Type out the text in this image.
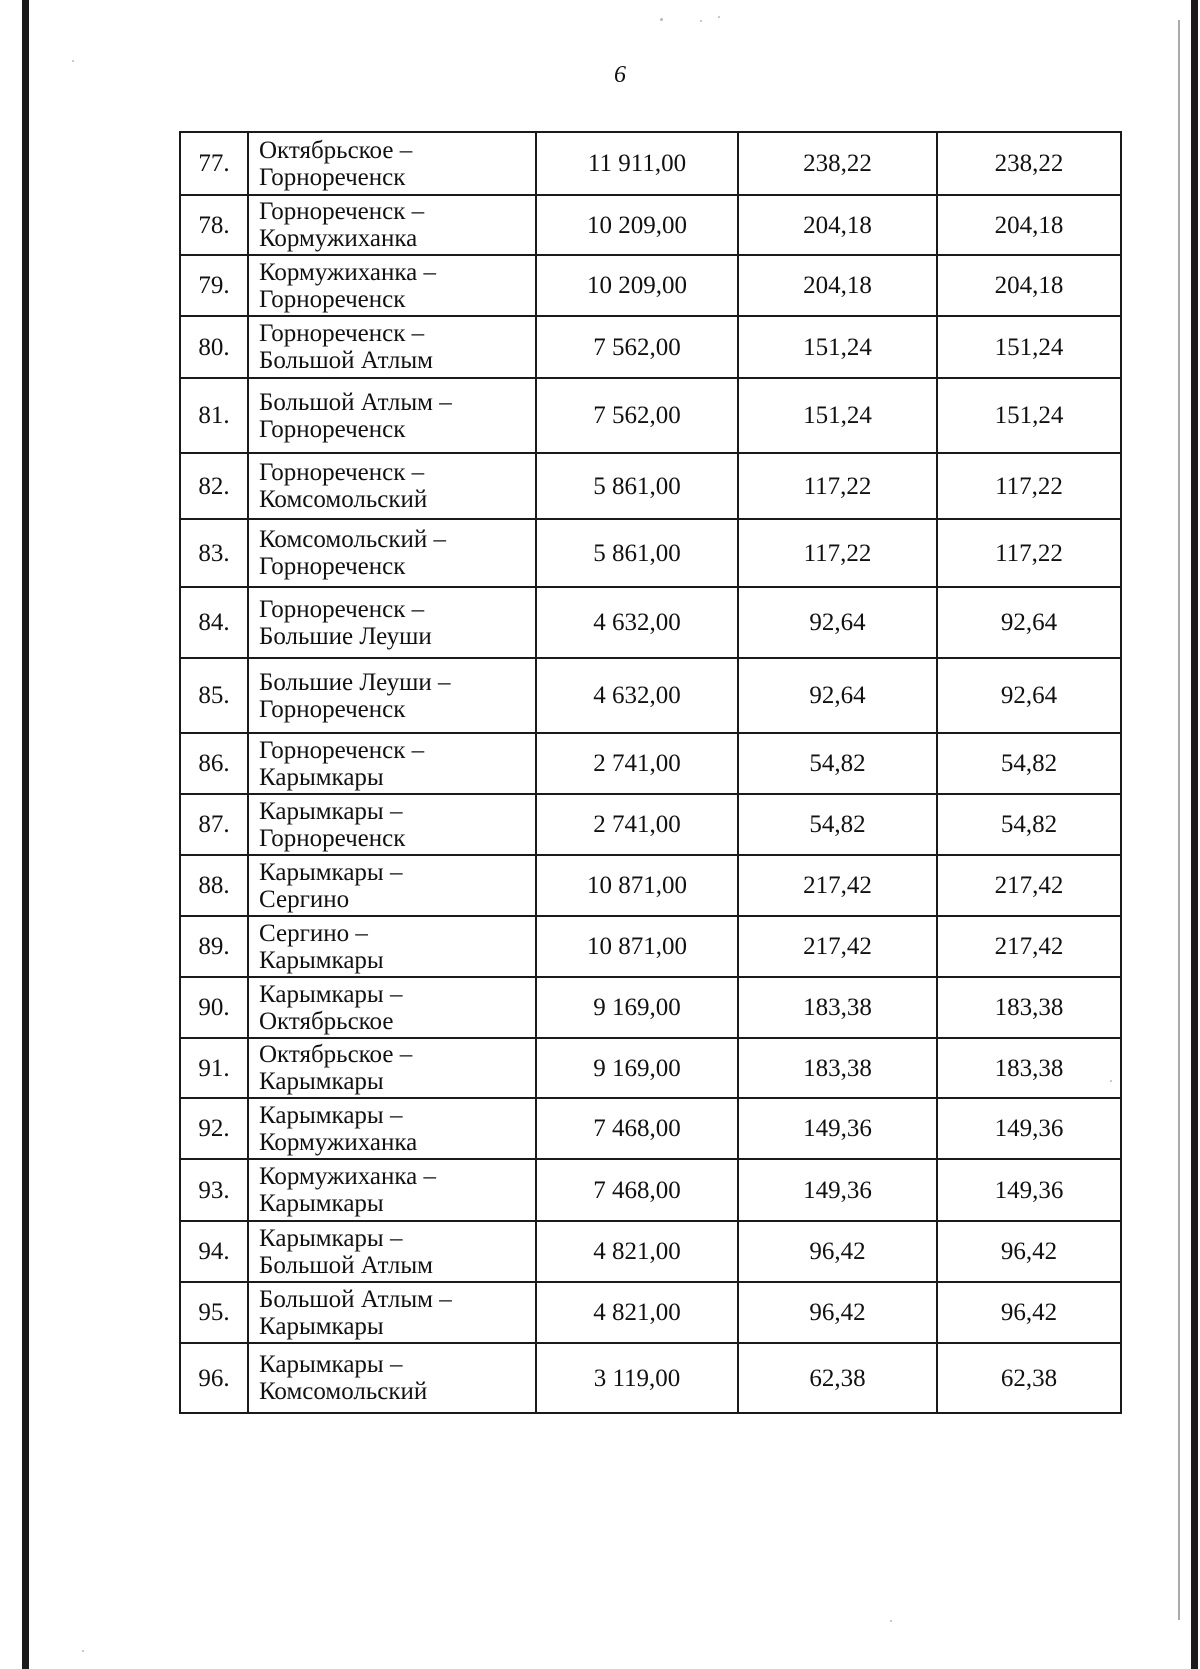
6
77.	Октябрьское –
Горнореченск	11 911,00	238,22	238,22
78.	Горнореченск –
Кормужиханка	10 209,00	204,18	204,18
79.	Кормужиханка –
Горнореченск	10 209,00	204,18	204,18
80.	Горнореченск –
Большой Атлым	7 562,00	151,24	151,24
81.	Большой Атлым –
Горнореченск	7 562,00	151,24	151,24
82.	Горнореченск –
Комсомольский	5 861,00	117,22	117,22
83.	Комсомольский –
Горнореченск	5 861,00	117,22	117,22
84.	Горнореченск –
Большие Леуши	4 632,00	92,64	92,64
85.	Большие Леуши –
Горнореченск	4 632,00	92,64	92,64
86.	Горнореченск –
Карымкары	2 741,00	54,82	54,82
87.	Карымкары –
Горнореченск	2 741,00	54,82	54,82
88.	Карымкары –
Сергино	10 871,00	217,42	217,42
89.	Сергино –
Карымкары	10 871,00	217,42	217,42
90.	Карымкары –
Октябрьское	9 169,00	183,38	183,38
91.	Октябрьское –
Карымкары	9 169,00	183,38	183,38
92.	Карымкары –
Кормужиханка	7 468,00	149,36	149,36
93.	Кормужиханка –
Карымкары	7 468,00	149,36	149,36
94.	Карымкары –
Большой Атлым	4 821,00	96,42	96,42
95.	Большой Атлым –
Карымкары	4 821,00	96,42	96,42
96.	Карымкары –
Комсомольский	3 119,00	62,38	62,38
